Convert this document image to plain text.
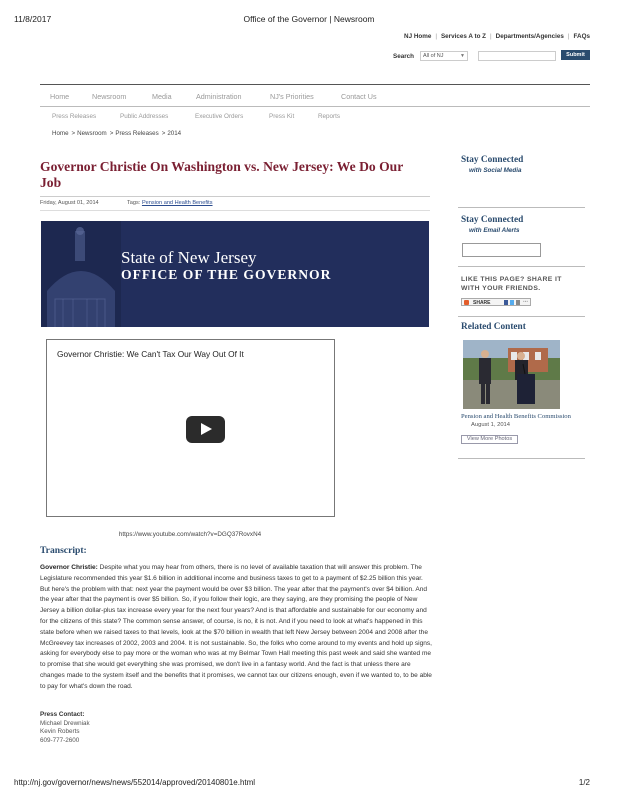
11/8/2017	Office of the Governor | Newsroom
NJ Home | Services A to Z | Departments/Agencies | FAQs
Search	All of NJ	▼	Submit
Home	Newsroom	Media	Administration	NJ's Priorities	Contact Us
Press Releases	Public Addresses	Executive Orders	Press Kit	Reports
Home > Newsroom > Press Releases > 2014
Governor Christie On Washington vs. New Jersey: We Do Our Job
Friday, August 01, 2014	Tags: Pension and Health Benefits
State of New Jersey
OFFICE OF THE GOVERNOR
Governor Christie: We Can't Tax Our Way Out Of It
https://www.youtube.com/watch?v=DGQ37RovxN4
Transcript:

Governor Christie: Despite what you may hear from others, there is no level of available taxation that will answer this problem. The Legislature recommended this year $1.6 billion in additional income and business taxes to get to a payment of $2.25 billion this year. But here's the problem with that: next year the payment would be over $3 billion. The year after that the payment's over $4 billion. And the year after that the payment is over $5 billion. So, if you follow their logic, are they saying, are they promising the people of New Jersey a billion dollar-plus tax increase every year for the next four years? And is that affordable and sustainable for our economy and for the citizens of this state? The common sense answer, of course, is no, it is not. And if you need to look at what's happened in this state before when we raised taxes to that levels, look at the $70 billion in wealth that left New Jersey between 2004 and 2008 after the McGreevey tax increases of 2002, 2003 and 2004. It is not sustainable. So, the folks who come around to my events and hold up signs, asking for everybody else to pay more or the woman who was at my Belmar Town Hall meeting this past week and said she wanted me to promise that she would get everything she was promised, we don't live in a fantasy world. And the fact is that unless there are changes made to the system itself and the benefits that it promises, we cannot tax our citizens enough, even if we wanted to, to be able to pay for what's down the road.

Press Contact:
Michael Drewniak
Kevin Roberts
609-777-2600
Stay Connected
with Social Media
Stay Connected
with Email Alerts
LIKE THIS PAGE? SHARE IT WITH YOUR FRIENDS.
SHARE	⋯
Related Content
Pension and Health Benefits Commission
August 1, 2014
View More Photos
http://nj.gov/governor/news/news/552014/approved/20140801e.html	1/2
